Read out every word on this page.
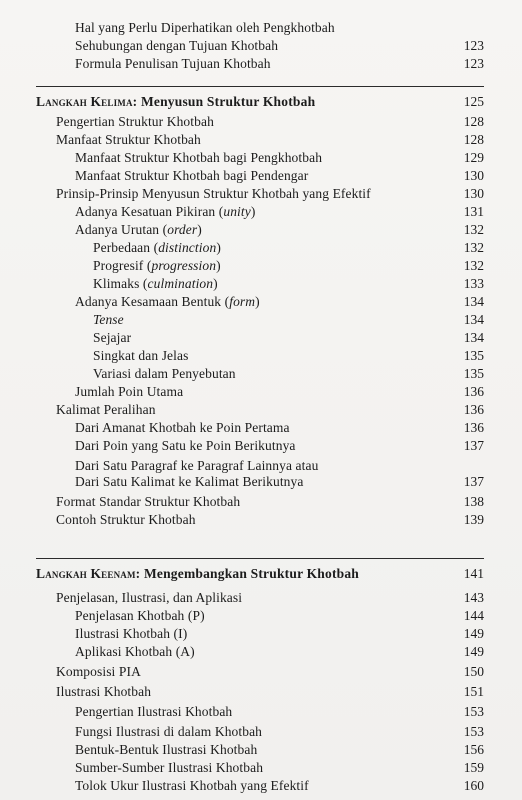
Hal yang Perlu Diperhatikan oleh Pengkhotbah
Sehubungan dengan Tujuan Khotbah	123
Formula Penulisan Tujuan Khotbah	123
Langkah Kelima: Menyusun Struktur Khotbah	125
Pengertian Struktur Khotbah	128
Manfaat Struktur Khotbah	128
Manfaat Struktur Khotbah bagi Pengkhotbah	129
Manfaat Struktur Khotbah bagi Pendengar	130
Prinsip-Prinsip Menyusun Struktur Khotbah yang Efektif	130
Adanya Kesatuan Pikiran (unity)	131
Adanya Urutan (order)	132
Perbedaan (distinction)	132
Progresif (progression)	132
Klimaks (culmination)	133
Adanya Kesamaan Bentuk (form)	134
Tense	134
Sejajar	134
Singkat dan Jelas	135
Variasi dalam Penyebutan	135
Jumlah Poin Utama	136
Kalimat Peralihan	136
Dari Amanat Khotbah ke Poin Pertama	136
Dari Poin yang Satu ke Poin Berikutnya	137
Dari Satu Paragraf ke Paragraf Lainnya atau
Dari Satu Kalimat ke Kalimat Berikutnya	137
Format Standar Struktur Khotbah	138
Contoh Struktur Khotbah	139
Langkah Keenam: Mengembangkan Struktur Khotbah	141
Penjelasan, Ilustrasi, dan Aplikasi	143
Penjelasan Khotbah (P)	144
Ilustrasi Khotbah (I)	149
Aplikasi Khotbah (A)	149
Komposisi PIA	150
Ilustrasi Khotbah	151
Pengertian Ilustrasi Khotbah	153
Fungsi Ilustrasi di dalam Khotbah	153
Bentuk-Bentuk Ilustrasi Khotbah	156
Sumber-Sumber Ilustrasi Khotbah	159
Tolok Ukur Ilustrasi Khotbah yang Efektif	160
